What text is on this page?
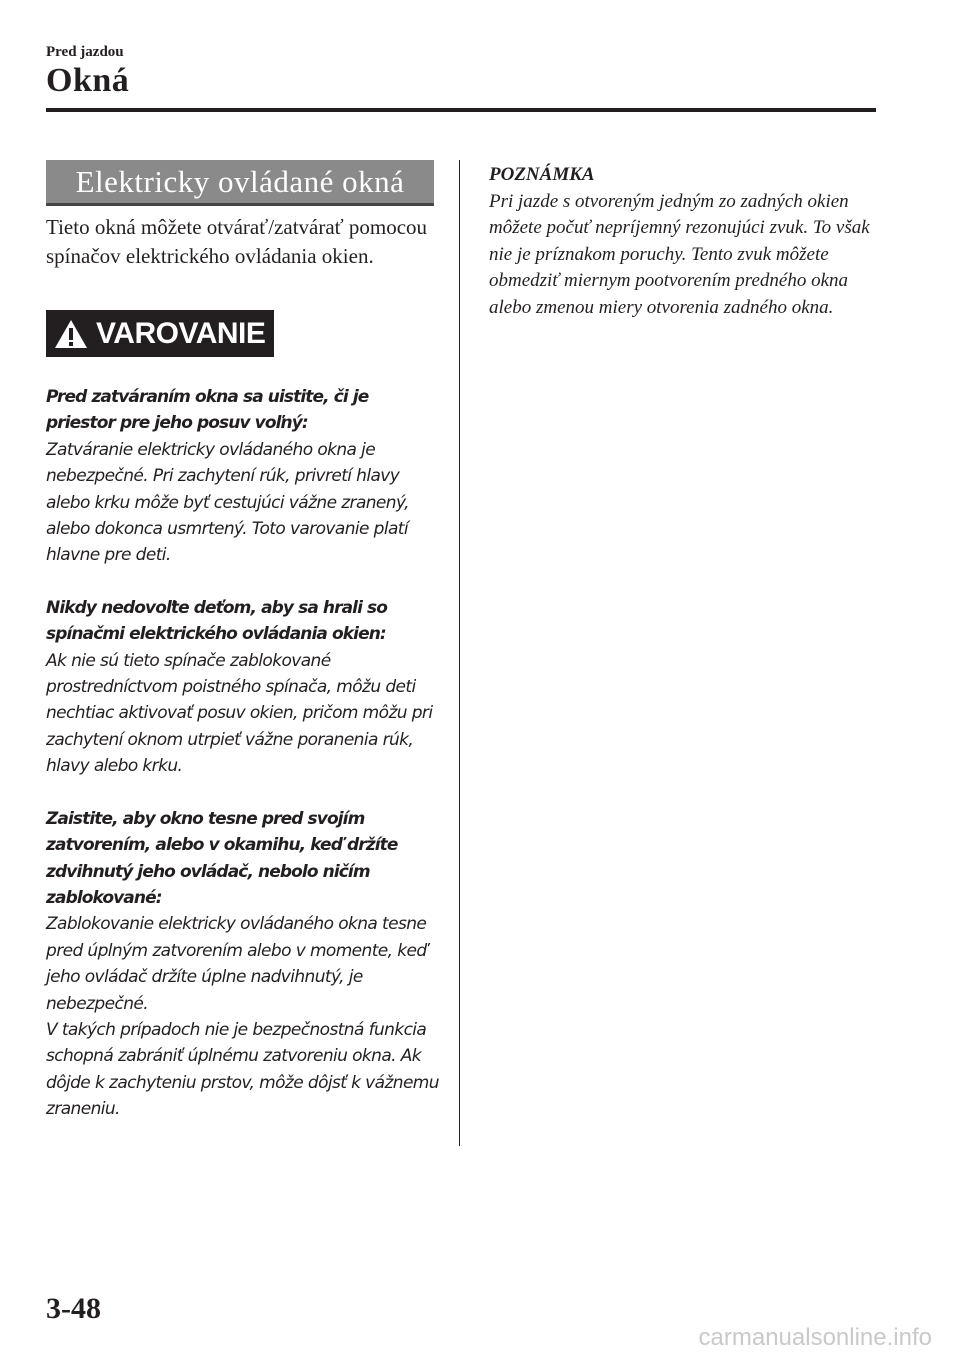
Pred jazdou
Okná
Elektricky ovládané okná

Tieto okná môžete otvárať/zatvárať pomocou spínačov elektrického ovládania okien.

VAROVANIE

Pred zatváraním okna sa uistite, či je priestor pre jeho posuv voľný:

Zatváranie elektricky ovládaného okna je nebezpečné. Pri zachytení rúk, privretí hlavy alebo krku môže byť cestujúci vážne zranený, alebo dokonca usmrtený. Toto varovanie platí hlavne pre deti.

Nikdy nedovoľte deťom, aby sa hrali so spínačmi elektrického ovládania okien:

Ak nie sú tieto spínače zablokované prostredníctvom poistného spínača, môžu deti nechtiac aktivovať posuv okien, pričom môžu pri zachytení oknom utrpieť vážne poranenia rúk, hlavy alebo krku.

Zaistite, aby okno tesne pred svojím zatvorením, alebo v okamihu, keď držíte zdvihnutý jeho ovládač, nebolo ničím zablokované:

Zablokovanie elektricky ovládaného okna tesne pred úplným zatvorením alebo v momente, keď jeho ovládač držíte úplne nadvihnutý, je nebezpečné.

V takých prípadoch nie je bezpečnostná funkcia schopná zabrániť úplnému zatvoreniu okna. Ak dôjde k zachyteniu prstov, môže dôjsť k vážnemu zraneniu.

POZNÁMKA

Pri jazde s otvoreným jedným zo zadných okien môžete počuť nepríjemný rezonujúci zvuk. To však nie je príznakom poruchy. Tento zvuk môžete obmedziť miernym pootvorením predného okna alebo zmenou miery otvorenia zadného okna.

3-48
carmanualsonline.info
